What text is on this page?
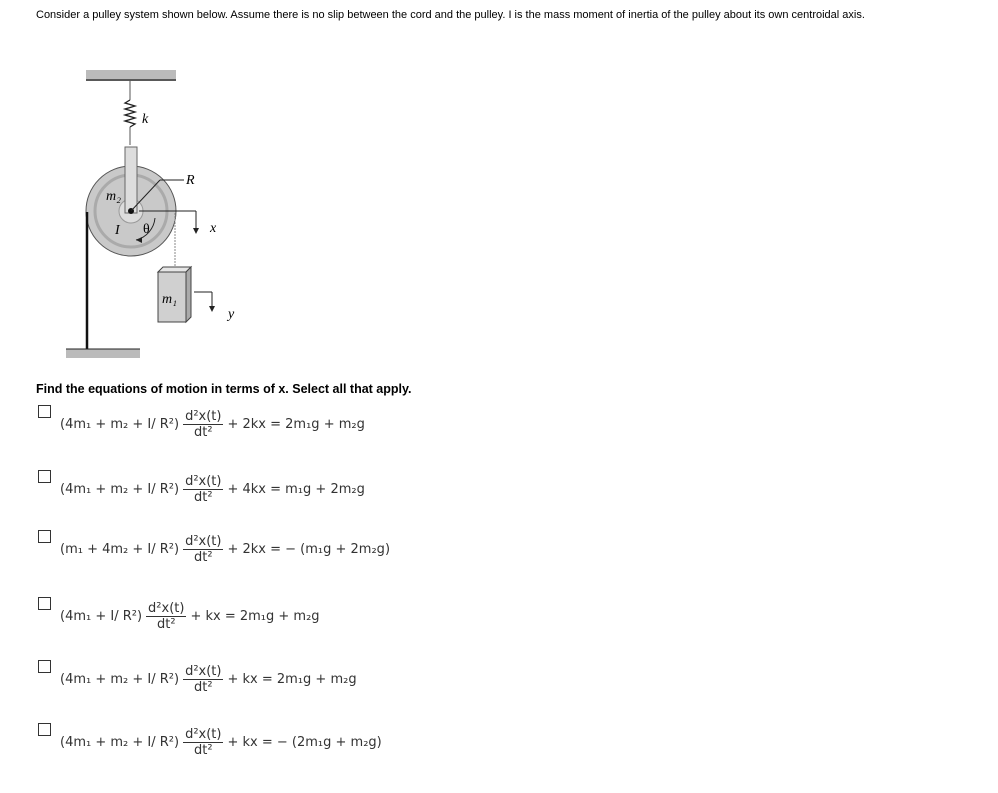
Consider a pulley system shown below. Assume there is no slip between the cord and the pulley. I is the mass moment of inertia of the pulley about its own centroidal axis.
k
R
m₂
I θ	x
m₁
y
Find the equations of motion in terms of x. Select all that apply.
(4m₁ + m₂ + I/ $R^2) \frac{\text{d²x(t)}}{\text{dt²}} + 2kx = 2m_1g + m_2g$
(4m₁ + m₂ + I/ $R^2) \frac{\text{d²x(t)}}{\text{dt²}} + 4kx = m_1g + 2m_2g$
(m₁ + 4m₂ + I/ $R^2) \frac{\text{d²x(t)}}{\text{dt²}} + 2kx$ = − (m₁g + 2m₂g)
(4m₁ + I/ $R^2) \frac{\text{d²x(t)}}{\text{dt²}}$ + kx = 2m₁g + m₂g
(4m₁ + m₂ + I/ $R^2) \frac{\text{d²x(t)}}{\text{dt²}}$ + kx = 2m₁g + m₂g
(4m₁ + m₂ + I/ $R^2) \frac{\text{d²x(t)}}{\text{dt²}}$ + kx = − (2m₁g + m₂g)
